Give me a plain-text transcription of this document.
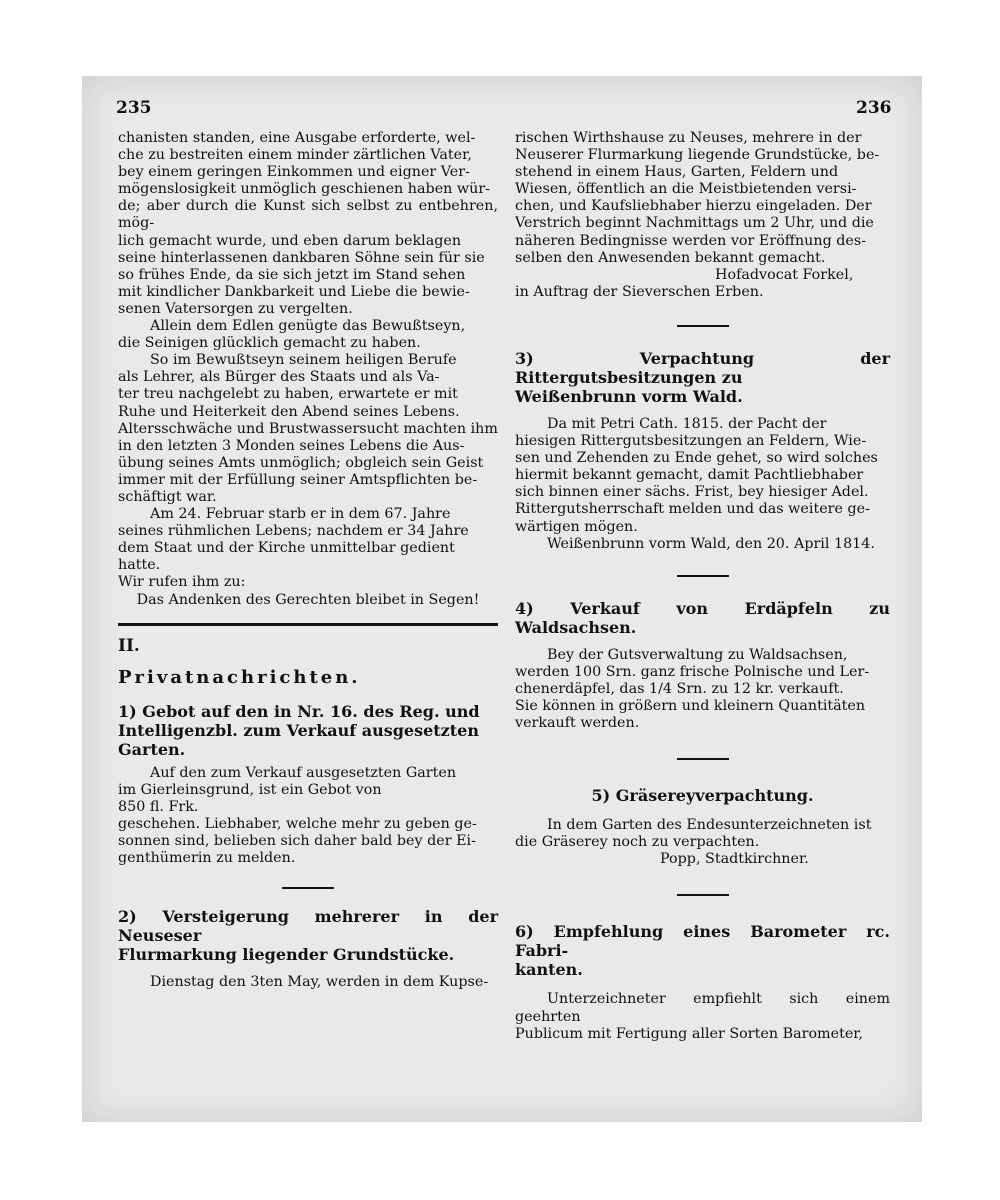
235	236

chanisten standen, eine Ausgabe erforderte, wel-
che zu bestreiten einem minder zärtlichen Vater,
bey einem geringen Einkommen und eigner Ver-
mögenslosigkeit unmöglich geschienen haben wür-
de; aber durch die Kunst sich selbst zu entbehren, mög-
lich gemacht wurde, und eben darum beklagen
seine hinterlassenen dankbaren Söhne sein für sie
so frühes Ende, da sie sich jetzt im Stand sehen
mit kindlicher Dankbarkeit und Liebe die bewie-
senen Vatersorgen zu vergelten.

Allein dem Edlen genügte das Bewußtseyn,
die Seinigen glücklich gemacht zu haben.

So im Bewußtseyn seinem heiligen Berufe
als Lehrer, als Bürger des Staats und als Va-
ter treu nachgelebt zu haben, erwartete er mit
Ruhe und Heiterkeit den Abend seines Lebens.
Altersschwäche und Brustwassersucht machten ihm
in den letzten 3 Monden seines Lebens die Aus-
übung seines Amts unmöglich; obgleich sein Geist
immer mit der Erfüllung seiner Amtspflichten be-
schäftigt war.

Am 24. Februar starb er in dem 67. Jahre
seines rühmlichen Lebens; nachdem er 34 Jahre
dem Staat und der Kirche unmittelbar gedient
hatte.

Wir rufen ihm zu:

Das Andenken des Gerechten bleibet in Segen!

II.

Privatnachrichten.

1) Gebot auf den in Nr. 16. des Reg. und
Intelligenzbl. zum Verkauf ausgesetzten
Garten.

Auf den zum Verkauf ausgesetzten Garten
im Gierleinsgrund, ist ein Gebot von

850 fl. Frk.

geschehen. Liebhaber, welche mehr zu geben ge-
sonnen sind, belieben sich daher bald bey der Ei-
genthümerin zu melden.

2) Versteigerung mehrerer in der Neuseser
Flurmarkung liegender Grundstücke.

Dienstag den 3ten May, werden in dem Kupse-

rischen Wirthshause zu Neuses, mehrere in der
Neuserer Flurmarkung liegende Grundstücke, be-
stehend in einem Haus, Garten, Feldern und
Wiesen, öffentlich an die Meistbietenden versi-
chen, und Kaufsliebhaber hierzu eingeladen. Der
Verstrich beginnt Nachmittags um 2 Uhr, und die
näheren Bedingnisse werden vor Eröffnung des-
selben den Anwesenden bekannt gemacht.

Hofadvocat Forkel,

in Auftrag der Sieverschen Erben.

3) Verpachtung der Rittergutsbesitzungen zu
Weißenbrunn vorm Wald.

Da mit Petri Cath. 1815. der Pacht der
hiesigen Rittergutsbesitzungen an Feldern, Wie-
sen und Zehenden zu Ende gehet, so wird solches
hiermit bekannt gemacht, damit Pachtliebhaber
sich binnen einer sächs. Frist, bey hiesiger Adel.
Rittergutsherrschaft melden und das weitere ge-
wärtigen mögen.

Weißenbrunn vorm Wald, den 20. April 1814.

4) Verkauf von Erdäpfeln zu Waldsachsen.

Bey der Gutsverwaltung zu Waldsachsen,
werden 100 Srn. ganz frische Polnische und Ler-
chenerdäpfel, das 1/4 Srn. zu 12 kr. verkauft.
Sie können in größern und kleinern Quantitäten
verkauft werden.

5) Gräsereyverpachtung.

In dem Garten des Endesunterzeichneten ist
die Gräserey noch zu verpachten.

Popp, Stadtkirchner.

6) Empfehlung eines Barometer rc. Fabri-
kanten.

Unterzeichneter empfiehlt sich einem geehrten
Publicum mit Fertigung aller Sorten Barometer,
